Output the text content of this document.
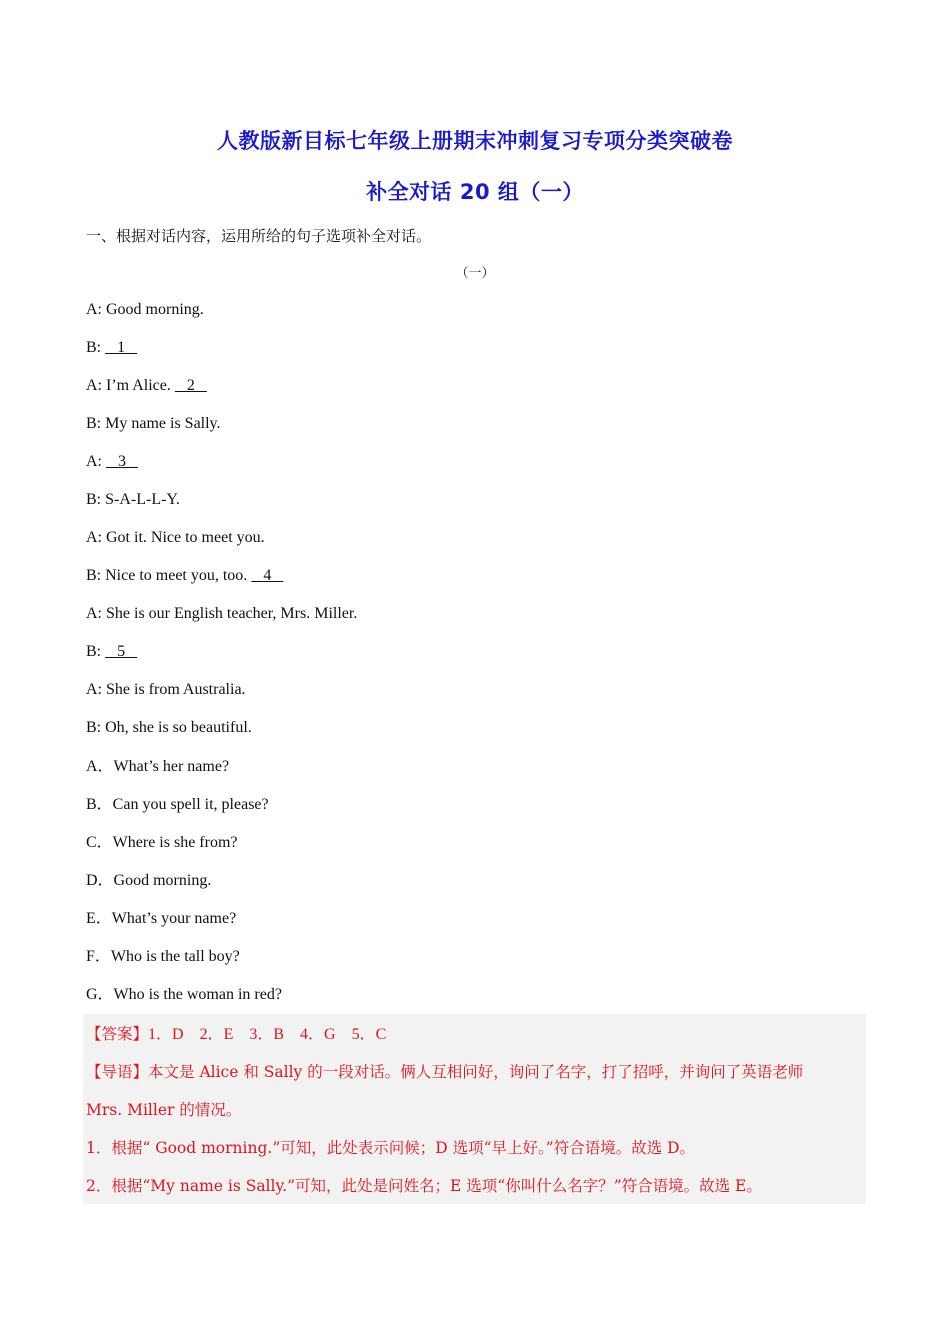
人教版新目标七年级上册期末冲刺复习专项分类突破卷
补全对话 20 组（一）
一、根据对话内容，运用所给的句子选项补全对话。
（一）
A: Good morning.
B:    1
A: I’m Alice.    2
B: My name is Sally.
A:    3
B: S-A-L-L-Y.
A: Got it. Nice to meet you.
B: Nice to meet you, too.    4
A: She is our English teacher, Mrs. Miller.
B:    5
A: She is from Australia.
B: Oh, she is so beautiful.
A．What’s her name?
B．Can you spell it, please?
C．Where is she from?
D．Good morning.
E．What’s your name?
F．Who is the tall boy?
G．Who is the woman in red?
【答案】1．D　2．E　3．B　4．G　5．C
【导语】本文是 Alice 和 Sally 的一段对话。俩人互相问好，询问了名字，打了招呼，并询问了英语老师
Mrs. Miller 的情况。
1．根据“ Good morning.”可知，此处表示问候；D 选项“早上好。”符合语境。故选 D。
2．根据“My name is Sally.”可知，此处是问姓名；E 选项“你叫什么名字？”符合语境。故选 E。
